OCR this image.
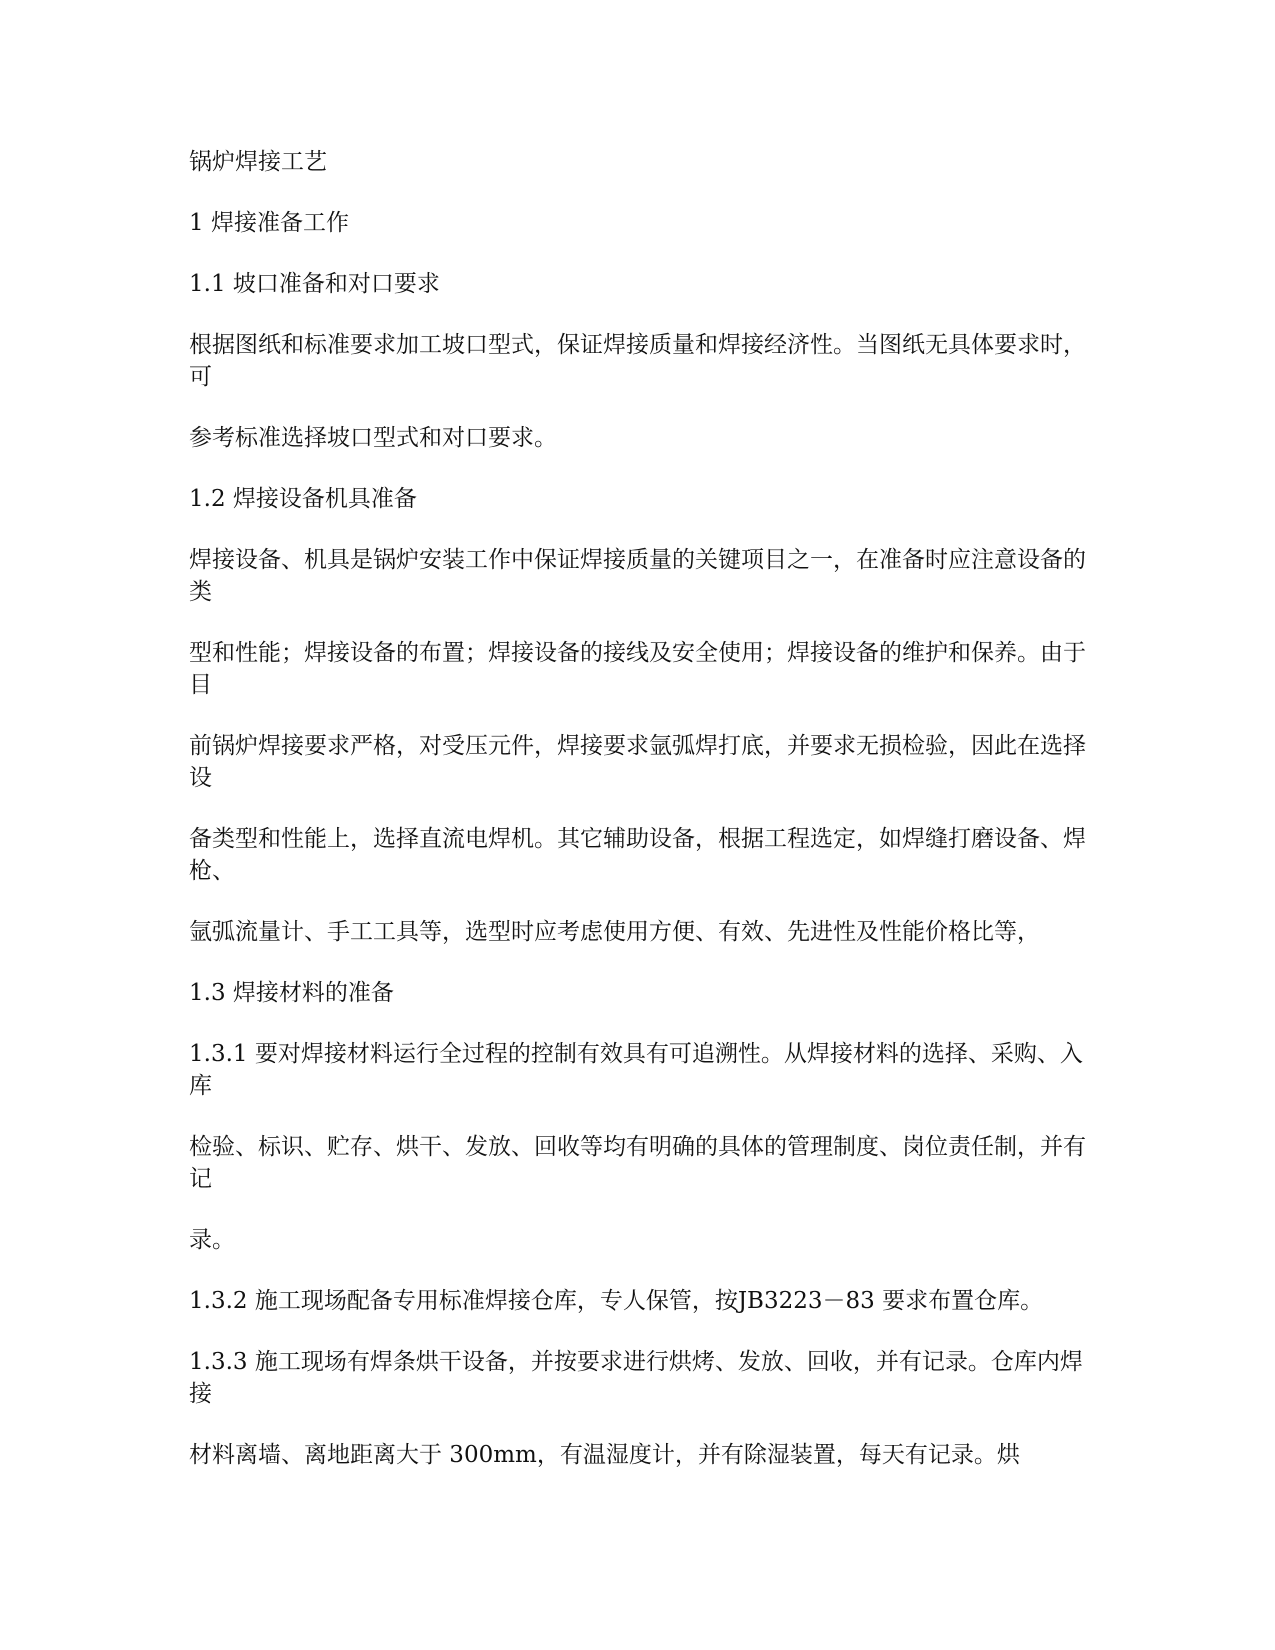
锅炉焊接工艺

1 焊接准备工作

1.1 坡口准备和对口要求

根据图纸和标准要求加工坡口型式，保证焊接质量和焊接经济性。当图纸无具体要求时，可

参考标准选择坡口型式和对口要求。

1.2 焊接设备机具准备

焊接设备、机具是锅炉安装工作中保证焊接质量的关键项目之一，在准备时应注意设备的类

型和性能；焊接设备的布置；焊接设备的接线及安全使用；焊接设备的维护和保养。由于目

前锅炉焊接要求严格，对受压元件，焊接要求氩弧焊打底，并要求无损检验，因此在选择设

备类型和性能上，选择直流电焊机。其它辅助设备，根据工程选定，如焊缝打磨设备、焊枪、

氩弧流量计、手工工具等，选型时应考虑使用方便、有效、先进性及性能价格比等，

1.3 焊接材料的准备

1.3.1 要对焊接材料运行全过程的控制有效具有可追溯性。从焊接材料的选择、采购、入库

检验、标识、贮存、烘干、发放、回收等均有明确的具体的管理制度、岗位责任制，并有记

录。

1.3.2 施工现场配备专用标准焊接仓库，专人保管，按JB3223－83 要求布置仓库。

1.3.3 施工现场有焊条烘干设备，并按要求进行烘烤、发放、回收，并有记录。仓库内焊接

材料离墙、离地距离大于 300mm，有温湿度计，并有除湿装置，每天有记录。烘
